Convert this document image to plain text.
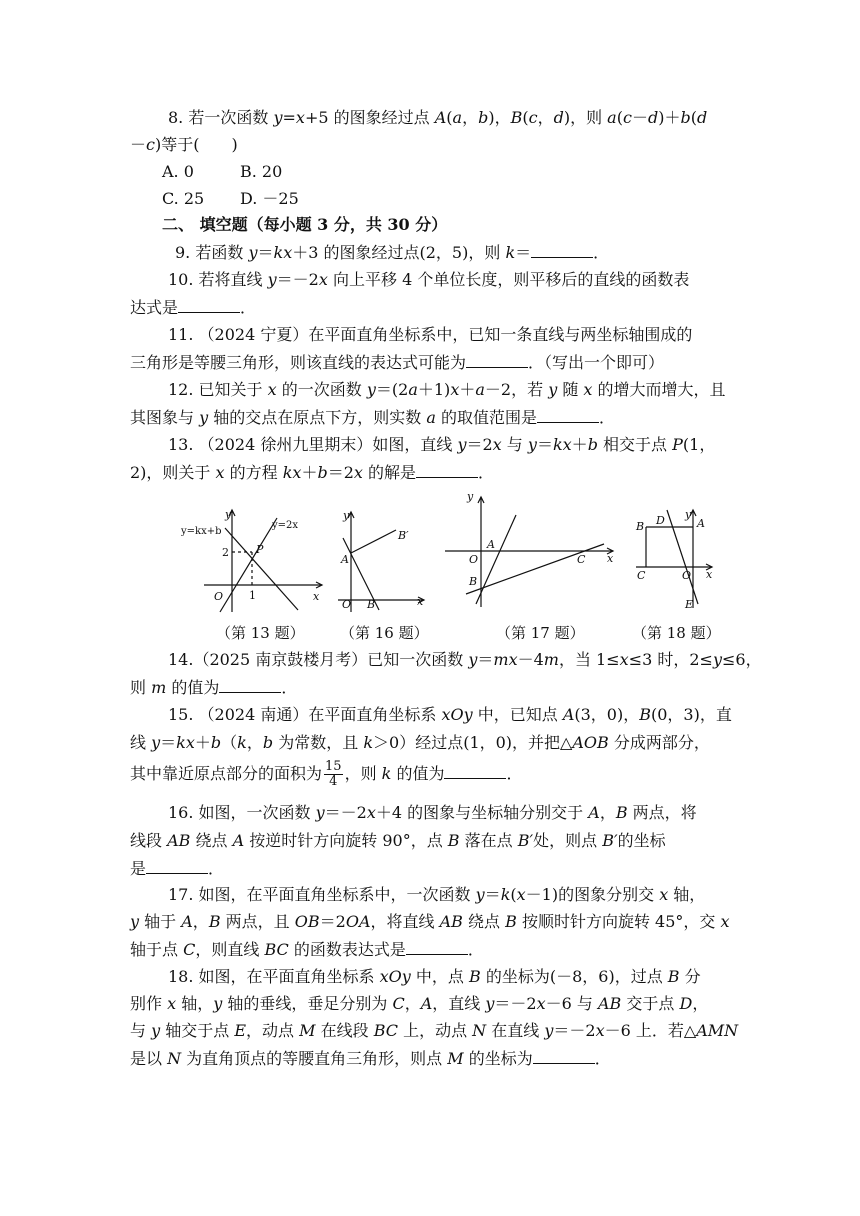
8. 若一次函数 y=x+5 的图象经过点 A(a，b)，B(c，d)，则 a(c－d)＋b(d
－c)等于(　　)
A. 0	B. 20
C. 25 D. －25
二、 填空题（每小题 3 分，共 30 分）
9. 若函数 y＝kx＋3 的图象经过点(2，5)，则 k＝	．
10. 若将直线 y＝－2x 向上平移 4 个单位长度，则平移后的直线的函数表
达式是	．
11. （2024 宁夏）在平面直角坐标系中，已知一条直线与两坐标轴围成的
三角形是等腰三角形，则该直线的表达式可能为	．（写出一个即可）
12. 已知关于 x 的一次函数 y＝(2a＋1)x＋a－2，若 y 随 x 的增大而增大，且
其图象与 y 轴的交点在原点下方，则实数 a 的取值范围是	．
13. （2024 徐州九里期末）如图，直线 y＝2x 与 y＝kx＋b 相交于点 P(1，
2)，则关于 x 的方程 kx＋b＝2x 的解是	．
y
x
O
P
2
1
y=kx+b
y=2x
y
x
O
A
B
B′
y
x
O
A
B
C
y
x
O
A
B
C
D
E
（第 13 题） （第 16 题）	（第 17 题）	（第 18 题）
14.（2025 南京鼓楼月考）已知一次函数 y＝mx－4m，当 1≤x≤3 时，2≤y≤6，
则 m 的值为	．
15. （2024 南通）在平面直角坐标系 xOy 中，已知点 A(3，0)，B(0，3)，直
线 y＝kx＋b（k，b 为常数，且 k＞0）经过点(1，0)，并把△AOB 分成两部分，
其中靠近原点部分的面积为 $\frac{15}{4}$ ，则 k 的值为	．
16. 如图，一次函数 y＝－2x＋4 的图象与坐标轴分别交于 A，B 两点，将
线段 AB 绕点 A 按逆时针方向旋转 90°，点 B 落在点 B′处，则点 B′的坐标
是	．
17. 如图，在平面直角坐标系中，一次函数 y＝k(x－1)的图象分别交 x 轴，
y 轴于 A，B 两点，且 OB＝2OA，将直线 AB 绕点 B 按顺时针方向旋转 45°，交 x
轴于点 C，则直线 BC 的函数表达式是	．
18. 如图，在平面直角坐标系 xOy 中，点 B 的坐标为(－8，6)，过点 B 分
别作 x 轴，y 轴的垂线，垂足分别为 C，A，直线 y＝－2x－6 与 AB 交于点 D，
与 y 轴交于点 E，动点 M 在线段 BC 上，动点 N 在直线 y＝－2x－6 上．若△AMN
是以 N 为直角顶点的等腰直角三角形，则点 M 的坐标为	．
